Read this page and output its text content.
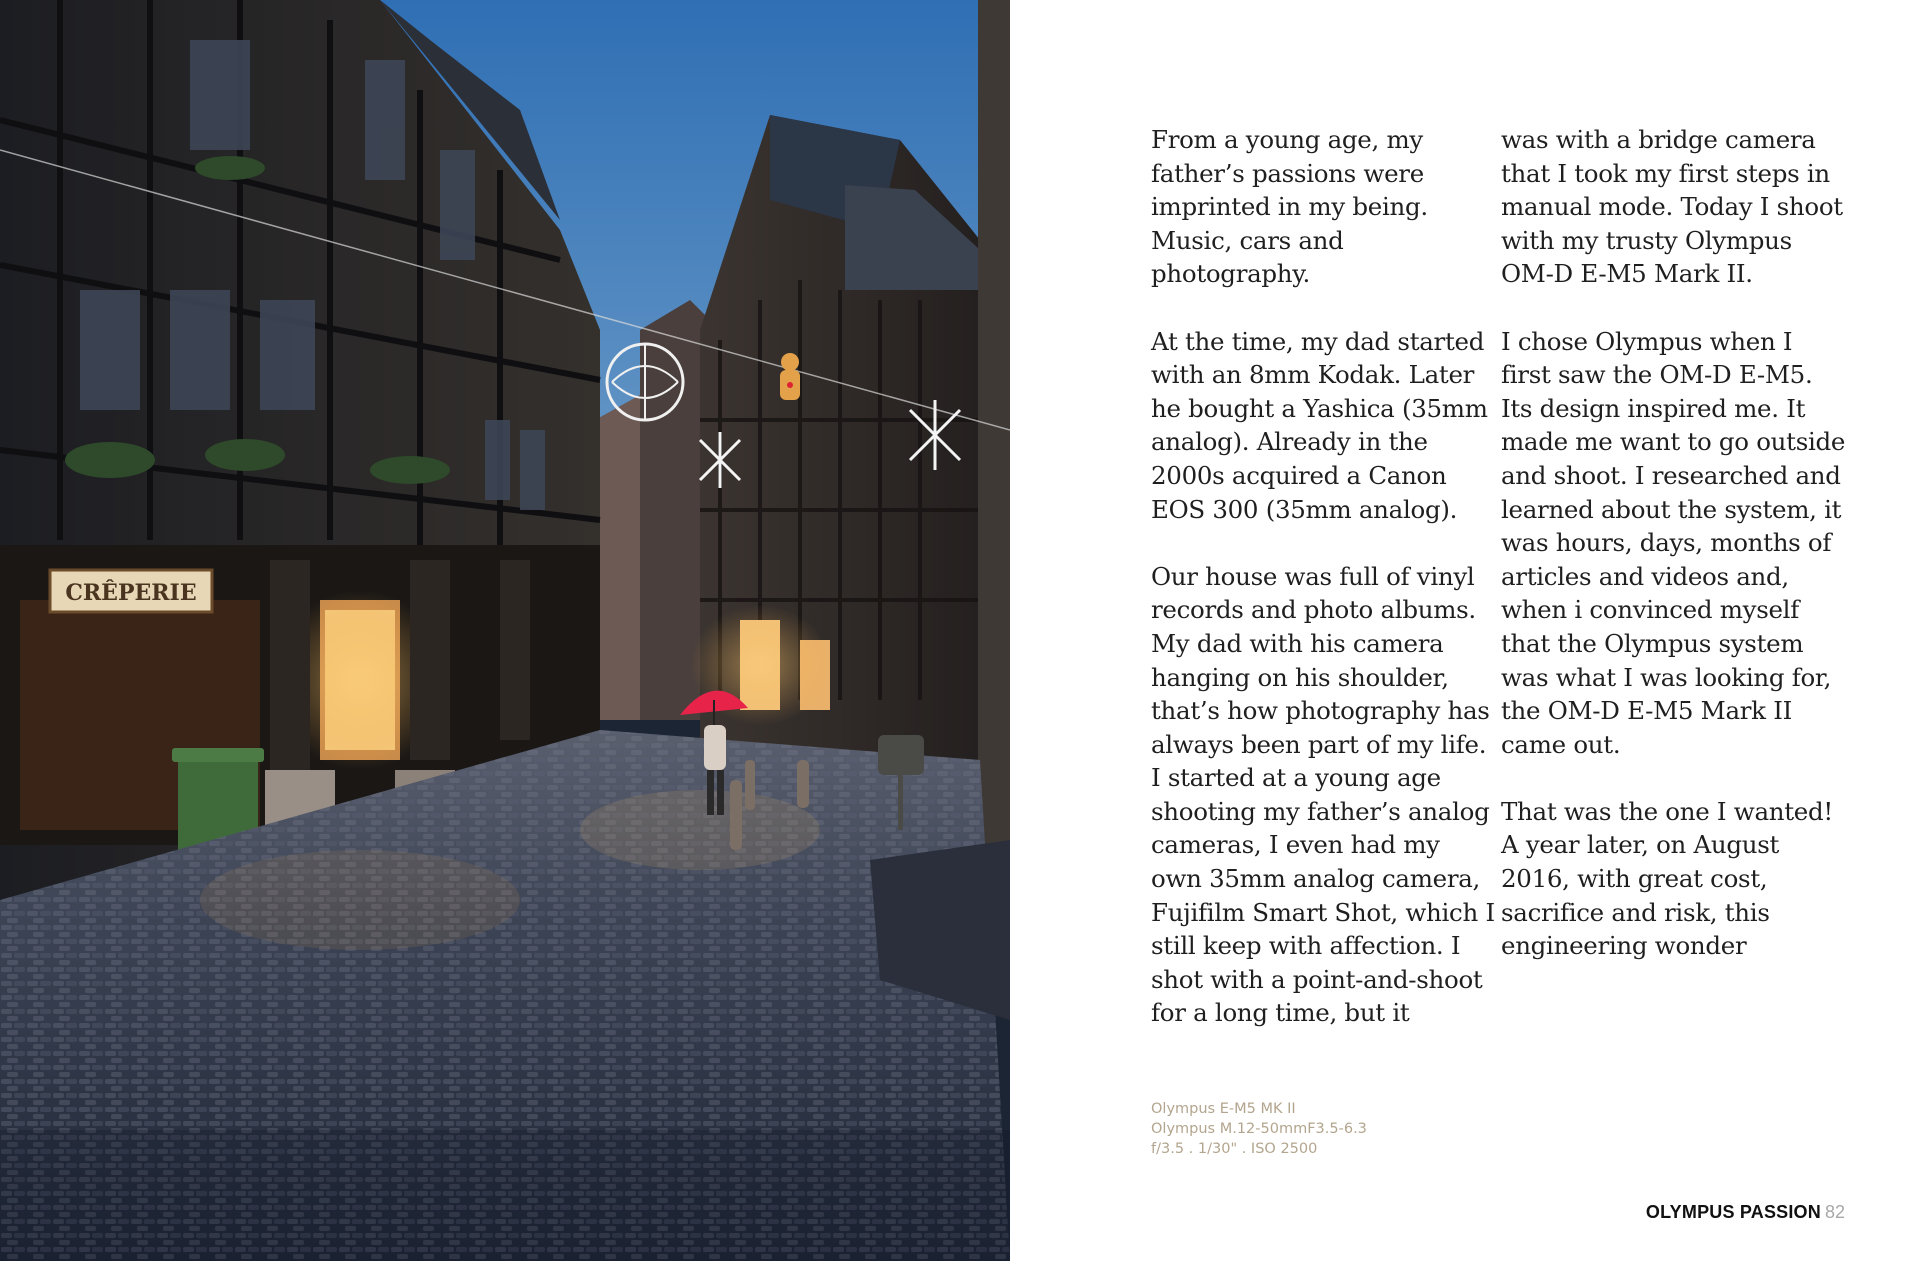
CRÊPERIE

From a young age, my father’s passions were imprinted in my being. Music, cars and photography.

At the time, my dad started with an 8mm Kodak. Later he bought a Yashica (35mm analog). Already in the 2000s acquired a Canon EOS 300 (35mm analog).

Our house was full of vinyl records and photo albums. My dad with his camera hanging on his shoulder, that’s how photography has always been part of my life. I started at a young age shooting my father’s analog cameras, I even had my own 35mm analog camera, Fujifilm Smart Shot, which I still keep with affection. I shot with a point-and-shoot for a long time, but it

was with a bridge camera that I took my first steps in manual mode. Today I shoot with my trusty Olympus OM-D E-M5 Mark II.

I chose Olympus when I first saw the OM-D E-M5. Its design inspired me. It made me want to go outside and shoot. I researched and learned about the system, it was hours, days, months of articles and videos and, when i convinced myself that the Olympus system was what I was looking for, the OM-D E-M5 Mark II came out.

That was the one I wanted! A year later, on August 2016, with great cost, sacrifice and risk, this engineering wonder

Olympus E-M5 MK II
Olympus M.12-50mmF3.5-6.3
f/3.5 . 1/30" . ISO 2500
OLYMPUS PASSION 82
